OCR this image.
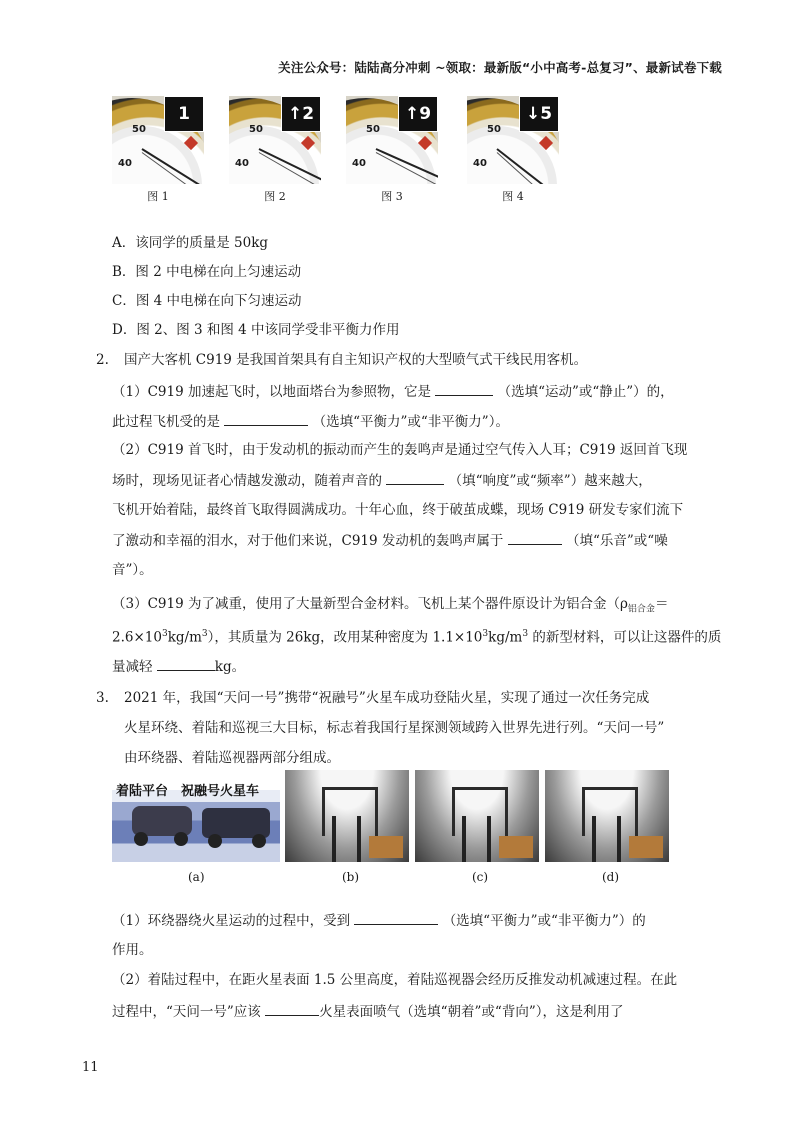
关注公众号：陆陆高分冲刺 ~领取：最新版“小中高考-总复习”、最新试卷下载
50
40
1
图 1
50
40
↑2
图 2
50
40
↑9
图 3
50
40
↓5
图 4
A．该同学的质量是 50kg
B．图 2 中电梯在向上匀速运动
C．图 4 中电梯在向下匀速运动
D．图 2、图 3 和图 4 中该同学受非平衡力作用
2. 国产大客机 C919 是我国首架具有自主知识产权的大型喷气式干线民用客机。
（1）C919 加速起飞时，以地面塔台为参照物，它是	（选填“运动”或“静止”）的，
此过程飞机受的是	（选填“平衡力”或“非平衡力”）。
（2）C919 首飞时，由于发动机的振动而产生的轰鸣声是通过空气传入人耳；C919 返回首飞现
场时，现场见证者心情越发激动，随着声音的	（填“响度”或“频率”）越来越大，
飞机开始着陆，最终首飞取得圆满成功。十年心血，终于破茧成蝶，现场 C919 研发专家们流下
了激动和幸福的泪水，对于他们来说，C919 发动机的轰鸣声属于	（填“乐音”或“噪
音”）。
（3）C919 为了减重，使用了大量新型合金材料。飞机上某个器件原设计为铝合金（$\rho_{铝合金}=$
$2.6\times 10^3kg/m^3$），其质量为 26kg，改用某种密度为 $1.1\times 10^3kg/m^3$ 的新型材料，可以让这器件的质
量减轻	kg。
3. 2021 年，我国“天问一号”携带“祝融号”火星车成功登陆火星，实现了通过一次任务完成
火星环绕、着陆和巡视三大目标，标志着我国行星探测领域跨入世界先进行列。“天问一号”
由环绕器、着陆巡视器两部分组成。
着陆平台　祝融号火星车
(a)	(b)	(c)	(d)
（1）环绕器绕火星运动的过程中，受到	（选填“平衡力”或“非平衡力”）的
作用。
（2）着陆过程中，在距火星表面 1.5 公里高度，着陆巡视器会经历反推发动机减速过程。在此
过程中，“天问一号”应该	火星表面喷气（选填“朝着”或“背向”），这是利用了
11
